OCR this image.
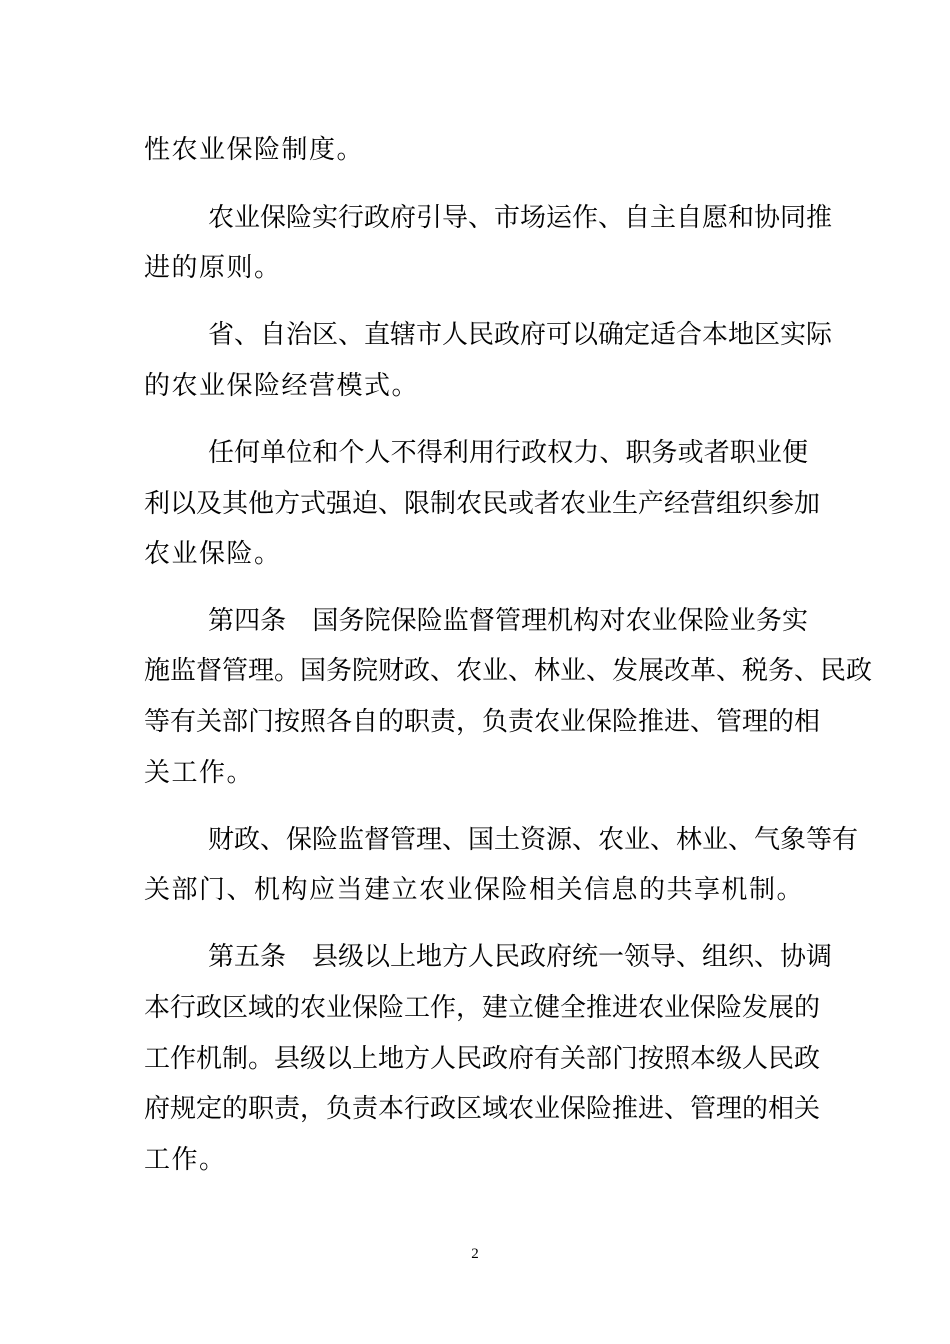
性农业保险制度。
农业保险实行政府引导、市场运作、自主自愿和协同推
进的原则。
省、自治区、直辖市人民政府可以确定适合本地区实际
的农业保险经营模式。
任何单位和个人不得利用行政权力、职务或者职业便
利以及其他方式强迫、限制农民或者农业生产经营组织参加
农业保险。
第四条　国务院保险监督管理机构对农业保险业务实
施监督管理。国务院财政、农业、林业、发展改革、税务、民政
等有关部门按照各自的职责，负责农业保险推进、管理的相
关工作。
财政、保险监督管理、国土资源、农业、林业、气象等有
关部门、机构应当建立农业保险相关信息的共享机制。
第五条　县级以上地方人民政府统一领导、组织、协调
本行政区域的农业保险工作，建立健全推进农业保险发展的
工作机制。县级以上地方人民政府有关部门按照本级人民政
府规定的职责，负责本行政区域农业保险推进、管理的相关
工作。
2
